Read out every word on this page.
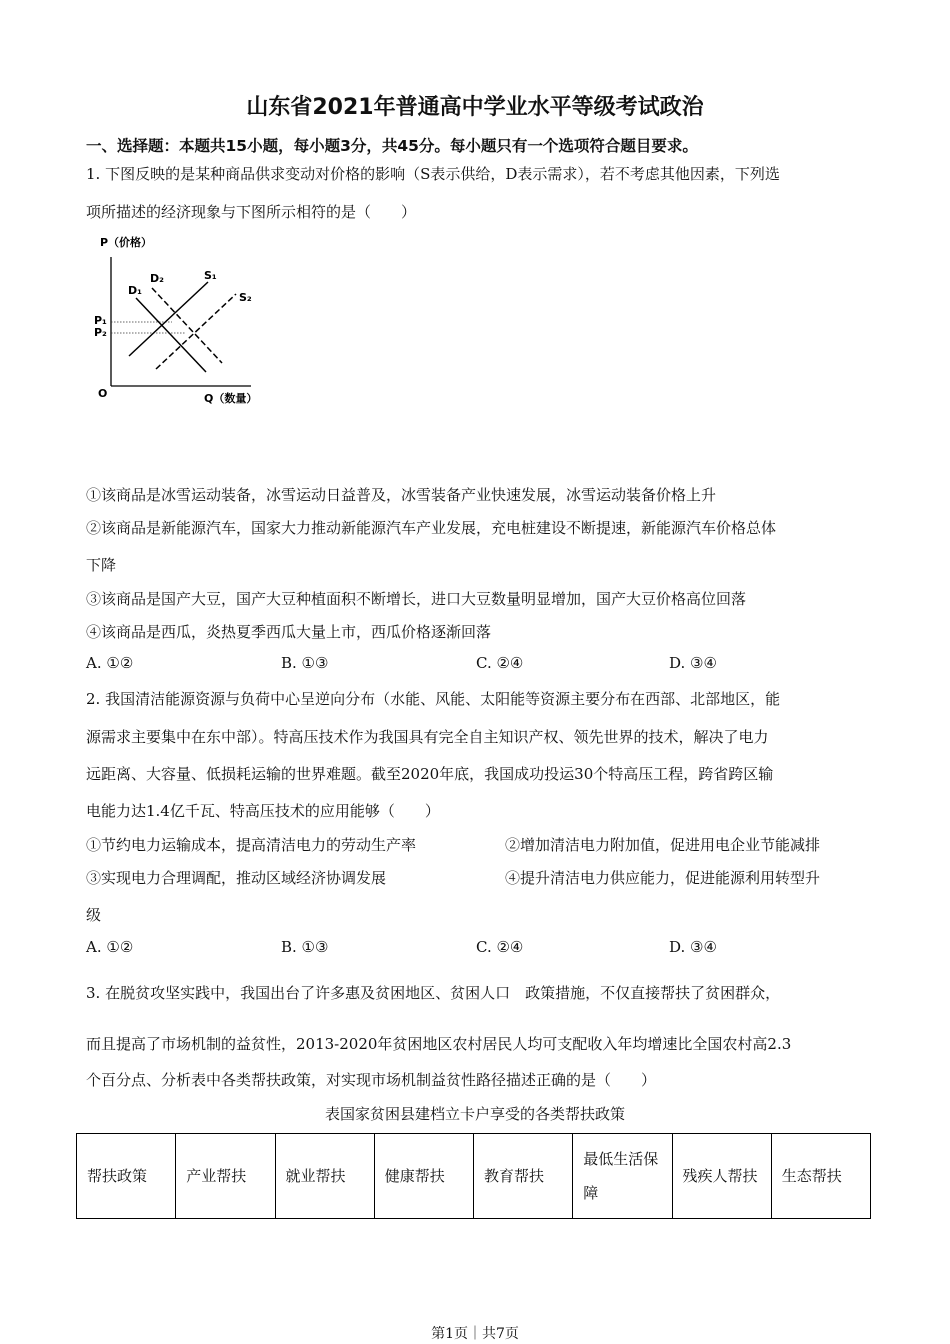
山东省2021年普通高中学业水平等级考试政治
一、选择题：本题共15小题，每小题3分，共45分。每小题只有一个选项符合题目要求。
1. 下图反映的是某种商品供求变动对价格的影响（S表示供给，D表示需求），若不考虑其他因素，下列选
项所描述的经济现象与下图所示相符的是（　　）
P（价格）
Q（数量）
O
P₁
P₂
D₁
D₂	S₁
S₂
①该商品是冰雪运动装备，冰雪运动日益普及，冰雪装备产业快速发展，冰雪运动装备价格上升
②该商品是新能源汽车，国家大力推动新能源汽车产业发展，充电桩建设不断提速，新能源汽车价格总体
下降
③该商品是国产大豆，国产大豆种植面积不断增长，进口大豆数量明显增加，国产大豆价格高位回落
④该商品是西瓜，炎热夏季西瓜大量上市，西瓜价格逐渐回落
A. ①②	B. ①③	C. ②④	D. ③④
2. 我国清洁能源资源与负荷中心呈逆向分布（水能、风能、太阳能等资源主要分布在西部、北部地区，能
源需求主要集中在东中部）。特高压技术作为我国具有完全自主知识产权、领先世界的技术，解决了电力
远距离、大容量、低损耗运输的世界难题。截至2020年底，我国成功投运30个特高压工程，跨省跨区输
电能力达1.4亿千瓦、特高压技术的应用能够（　　）
①节约电力运输成本，提高清洁电力的劳动生产率	②增加清洁电力附加值，促进用电企业节能减排
③实现电力合理调配，推动区域经济协调发展	④提升清洁电力供应能力，促进能源利用转型升
级
A. ①②	B. ①③	C. ②④	D. ③④
3. 在脱贫攻坚实践中，我国出台了许多惠及贫困地区、贫困人口　政策措施，不仅直接帮扶了贫困群众，
而且提高了市场机制的益贫性，2013-2020年贫困地区农村居民人均可支配收入年均增速比全国农村高2.3
个百分点、分析表中各类帮扶政策，对实现市场机制益贫性路径描述正确的是（　　）
表国家贫困县建档立卡户享受的各类帮扶政策
帮扶政策	产业帮扶	就业帮扶	健康帮扶	教育帮扶	最低生活保障	残疾人帮扶	生态帮扶
第1页｜共7页
